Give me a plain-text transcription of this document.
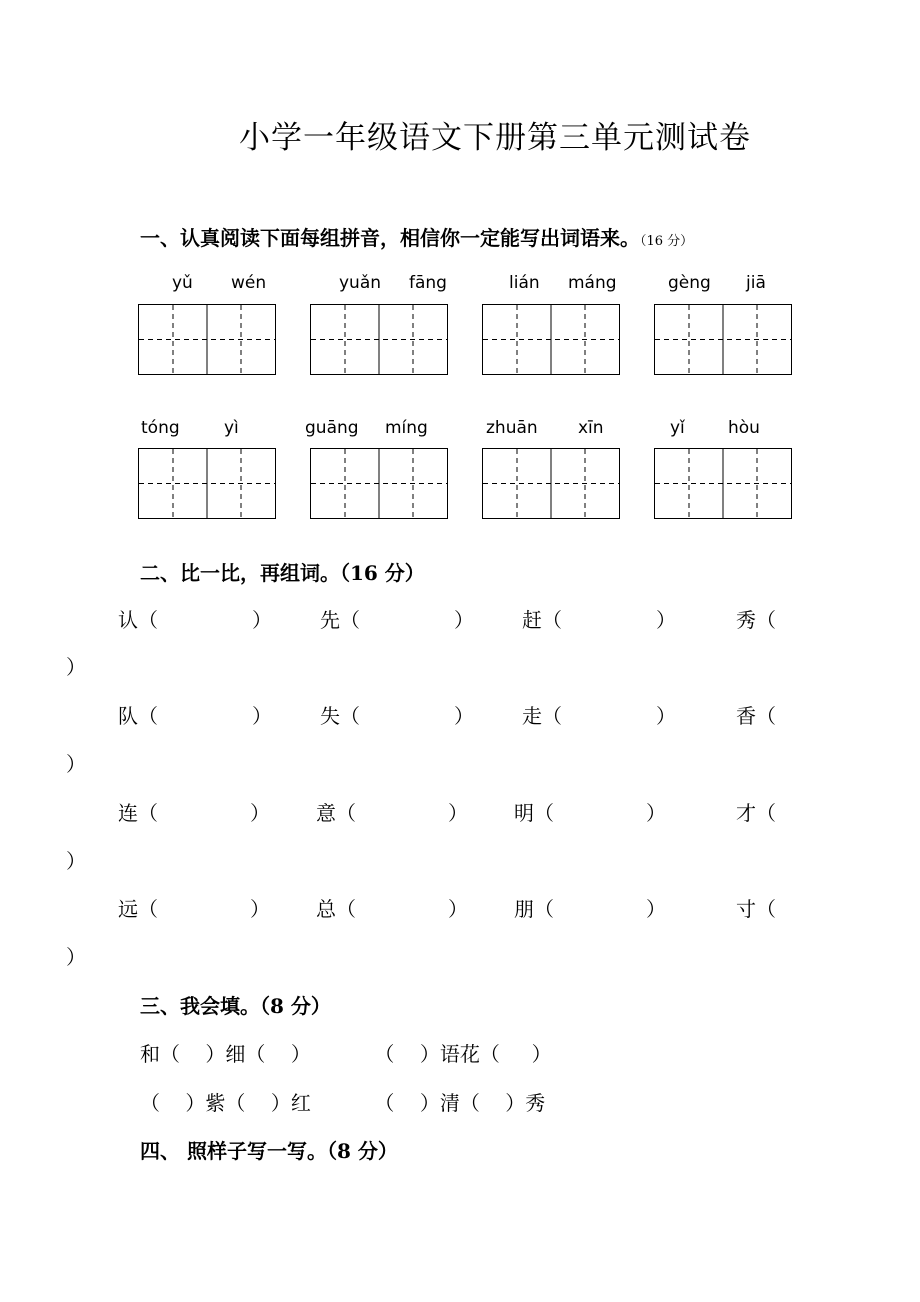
小学一年级语文下册第三单元测试卷
一、认真阅读下面每组拼音，相信你一定能写出词语来。（16 分）
yǔ wén	yuǎn fāng	lián máng	gèng jiā
tóng	yì	guāng míng	zhuān xīn	yǐ	hòu
二、比一比，再组词。（16 分）
认（	） 先（	） 赶（	）	秀（
）
队（	） 失（	） 走（	）	香（
）
连（	） 意（	） 明（	）	才（
）
远（	） 总（	） 朋（	）	寸（
）
三、我会填。（8 分）
和（    ）细（    ）          （    ）语花（     ）
（    ）紫（    ）红          （    ）清（    ）秀
四、 照样子写一写。（8 分）
